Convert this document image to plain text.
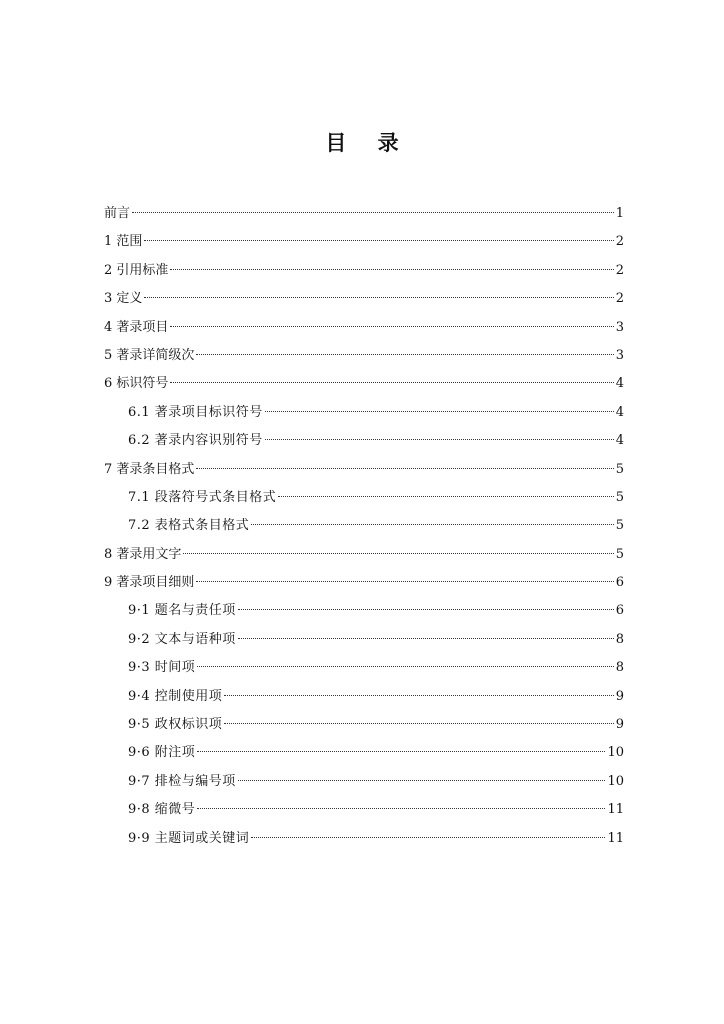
目 录
前言	1
1 范围	2
2 引用标准	2
3 定义	2
4 著录项目	3
5 著录详简级次	3
6 标识符号	4
6.1 著录项目标识符号	4
6.2 著录内容识别符号	4
7 著录条目格式	5
7.1 段落符号式条目格式	5
7.2 表格式条目格式	5
8 著录用文字	5
9 著录项目细则	6
9·1 题名与责任项	6
9·2 文本与语种项	8
9·3 时间项	8
9·4 控制使用项	9
9·5 政权标识项	9
9·6 附注项	10
9·7 排检与编号项	10
9·8 缩微号	11
9·9 主题词或关键词	11
